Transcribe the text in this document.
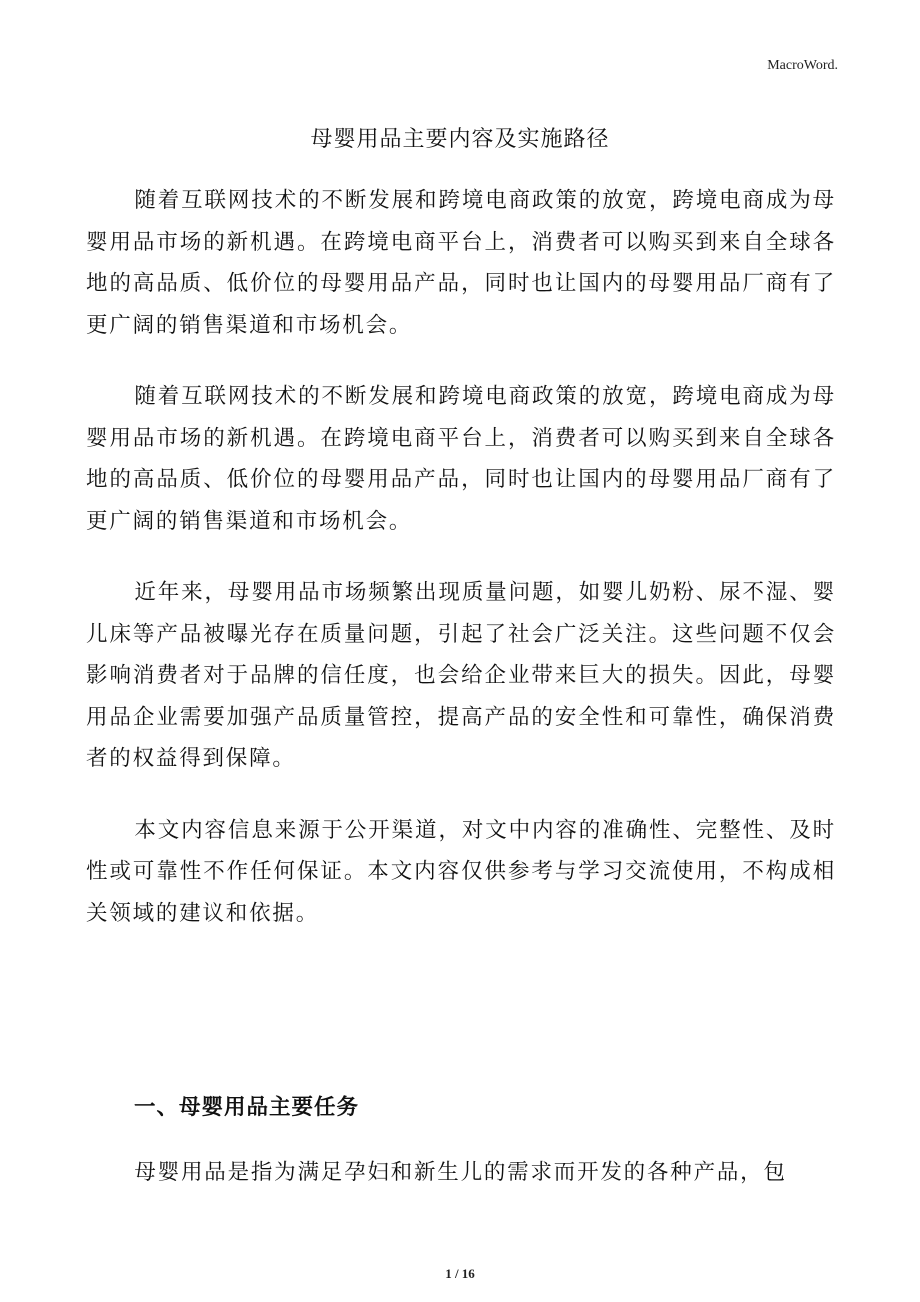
MacroWord.
母婴用品主要内容及实施路径

随着互联网技术的不断发展和跨境电商政策的放宽，跨境电商成为母婴用品市场的新机遇。在跨境电商平台上，消费者可以购买到来自全球各地的高品质、低价位的母婴用品产品，同时也让国内的母婴用品厂商有了更广阔的销售渠道和市场机会。

随着互联网技术的不断发展和跨境电商政策的放宽，跨境电商成为母婴用品市场的新机遇。在跨境电商平台上，消费者可以购买到来自全球各地的高品质、低价位的母婴用品产品，同时也让国内的母婴用品厂商有了更广阔的销售渠道和市场机会。

近年来，母婴用品市场频繁出现质量问题，如婴儿奶粉、尿不湿、婴儿床等产品被曝光存在质量问题，引起了社会广泛关注。这些问题不仅会影响消费者对于品牌的信任度，也会给企业带来巨大的损失。因此，母婴用品企业需要加强产品质量管控，提高产品的安全性和可靠性，确保消费者的权益得到保障。

本文内容信息来源于公开渠道，对文中内容的准确性、完整性、及时性或可靠性不作任何保证。本文内容仅供参考与学习交流使用，不构成相关领域的建议和依据。

一、母婴用品主要任务

母婴用品是指为满足孕妇和新生儿的需求而开发的各种产品，包

1 / 16
